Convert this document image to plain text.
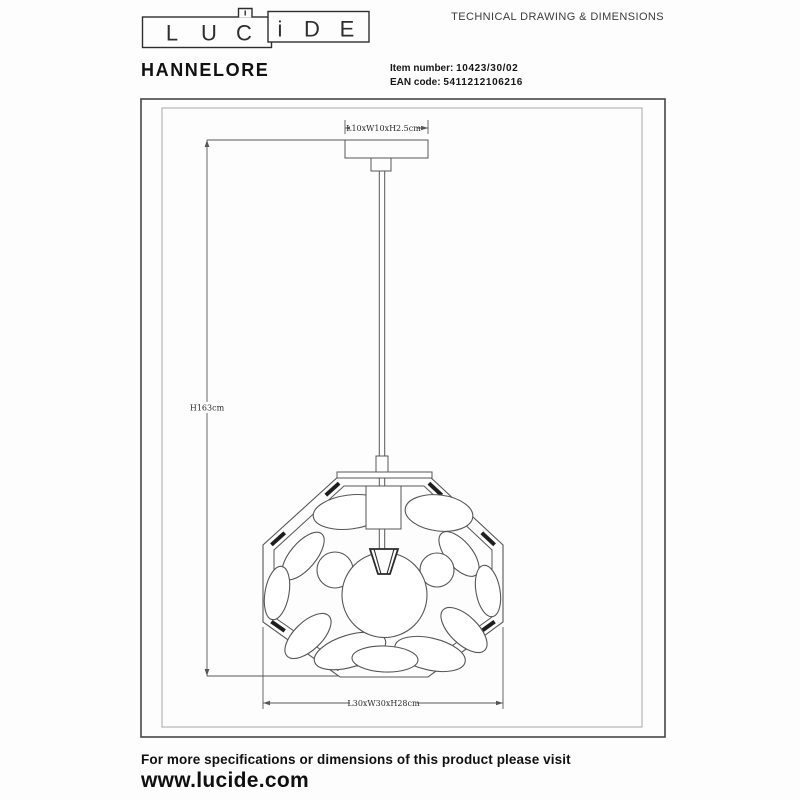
L10xW10xH2.5cm
H163cm
L30xW30xH28cm
L U C i D E	TECHNICAL DRAWING & DIMENSIONS
HANNELORE	Item number: 10423/30/02
EAN code: 5411212106216
For more specifications or dimensions of this product please visit
www.lucide.com
